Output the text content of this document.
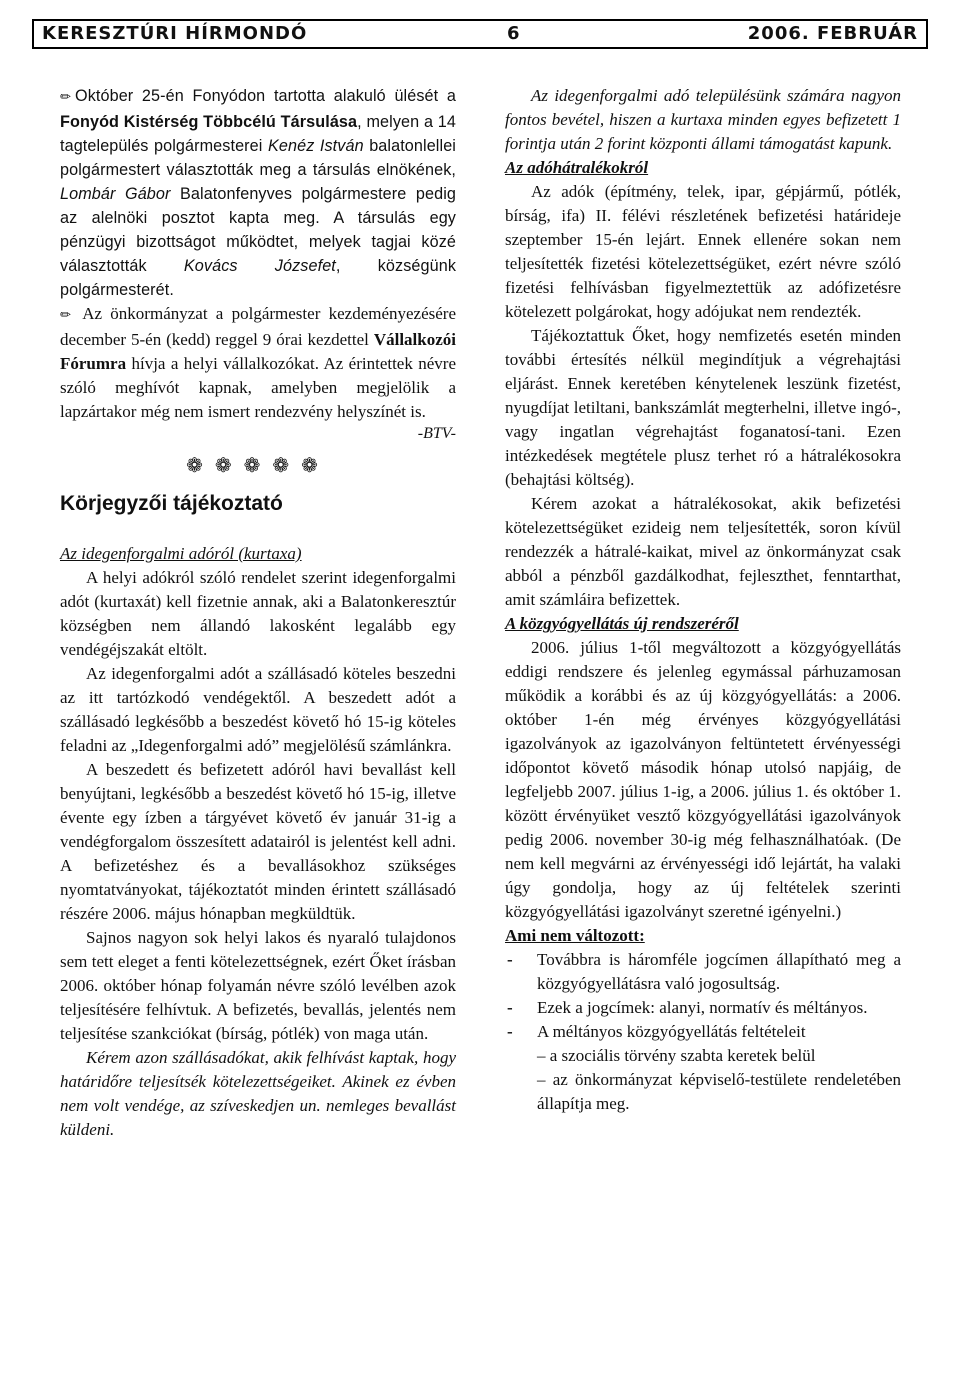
KERESZTÚRI HÍRMONDÓ	6	2006. FEBRUÁR

✏ Október 25-én Fonyódon tartotta alakuló ülését a Fonyód Kistérség Többcélú Társulása, melyen a 14 tagtelepülés polgármesterei Kenéz István balatonlellei polgármestert választották meg a társulás elnökének, Lombár Gábor Balatonfenyves polgármestere pedig az alelnöki posztot kapta meg. A társulás egy pénzügyi bizottságot működtet, melyek tagjai közé választották Kovács Józsefet, községünk polgármesterét.

✏ Az önkormányzat a polgármester kezdeményezésére december 5-én (kedd) reggel 9 órai kezdettel Vállalkozói Fórumra hívja a helyi vállalkozókat. Az érintettek névre szóló meghívót kapnak, amelyben megjelölik a lapzártakor még nem ismert rendezvény helyszínét is.

-BTV-

❁❁❁❁❁
Körjegyzői tájékoztató

Az idegenforgalmi adóról (kurtaxa)

A helyi adókról szóló rendelet szerint idegenforgalmi adót (kurtaxát) kell fizetnie annak, aki a Balatonkeresztúr községben nem állandó lakosként legalább egy vendégéjszakát eltölt.

Az idegenforgalmi adót a szállásadó köteles beszedni az itt tartózkodó vendégektől. A beszedett adót a szállásadó legkésőbb a beszedést követő hó 15-ig köteles feladni az „Idegenforgalmi adó” megjelölésű számlánkra.

A beszedett és befizetett adóról havi bevallást kell benyújtani, legkésőbb a beszedést követő hó 15-ig, illetve évente egy ízben a tárgyévet követő év január 31-ig a vendégforgalom összesített adatairól is jelentést kell adni. A befizetéshez és a bevallásokhoz szükséges nyomtatványokat, tájékoztatót minden érintett szállásadó részére 2006. május hónapban megküldtük.

Sajnos nagyon sok helyi lakos és nyaraló tulajdonos sem tett eleget a fenti kötelezettségnek, ezért Őket írásban 2006. október hónap folyamán névre szóló levélben azok teljesítésére felhívtuk. A befizetés, bevallás, jelentés nem teljesítése szankciókat (bírság, pótlék) von maga után.

Kérem azon szállásadókat, akik felhívást kaptak, hogy határidőre teljesítsék kötelezettségeiket. Akinek ez évben nem volt vendége, az szíveskedjen un. nemleges bevallást küldeni.

Az idegenforgalmi adó településünk számára nagyon fontos bevétel, hiszen a kurtaxa minden egyes befizetett 1 forintja után 2 forint központi állami támogatást kapunk.

Az adóhátralékokról

Az adók (építmény, telek, ipar, gépjármű, pótlék, bírság, ifa) II. félévi részletének befizetési határideje szeptember 15-én lejárt. Ennek ellenére sokan nem teljesítették fizetési kötelezettségüket, ezért névre szóló fizetési felhívásban figyelmeztettük az adófizetésre kötelezett polgárokat, hogy adójukat nem rendezték.

Tájékoztattuk Őket, hogy nemfizetés esetén minden további értesítés nélkül megindítjuk a végrehajtási eljárást. Ennek keretében kénytelenek leszünk fizetést, nyugdíjat letiltani, bankszámlát megterhelni, illetve ingó-, vagy ingatlan végrehajtást foganatosí-tani. Ezen intézkedések megtétele plusz terhet ró a hátralékosokra (behajtási költség).

Kérem azokat a hátralékosokat, akik befizetési kötelezettségüket ezideig nem teljesítették, soron kívül rendezzék a hátralé-kaikat, mivel az önkormányzat csak abból a pénzből gazdálkodhat, fejleszthet, fenntarthat, amit számláira befizettek.

A közgyógyellátás új rendszeréről

2006. július 1-től megváltozott a közgyógyellátás eddigi rendszere és jelenleg egymással párhuzamosan működik a korábbi és az új közgyógyellátás: a 2006. október 1-én még érvényes közgyógyellátási igazolványok az igazolványon feltüntetett érvényességi időpontot követő második hónap utolsó napjáig, de legfeljebb 2007. július 1-ig, a 2006. július 1. és október 1. között érvényüket vesztő közgyógyellátási igazolványok pedig 2006. november 30-ig még felhasználhatóak. (De nem kell megvárni az érvényességi idő lejártát, ha valaki úgy gondolja, hogy az új feltételek szerinti közgyógyellátási igazolványt szeretné igényelni.)

Ami nem változott:

-	Továbbra is háromféle jogcímen állapítható meg a közgyógyellátásra való jogosultság.
-	Ezek a jogcímek: alanyi, normatív és méltányos.
-	A méltányos közgyógyellátás feltételeit

– a szociális törvény szabta keretek belül

– az önkormányzat képviselő-testülete rendeletében állapítja meg.
